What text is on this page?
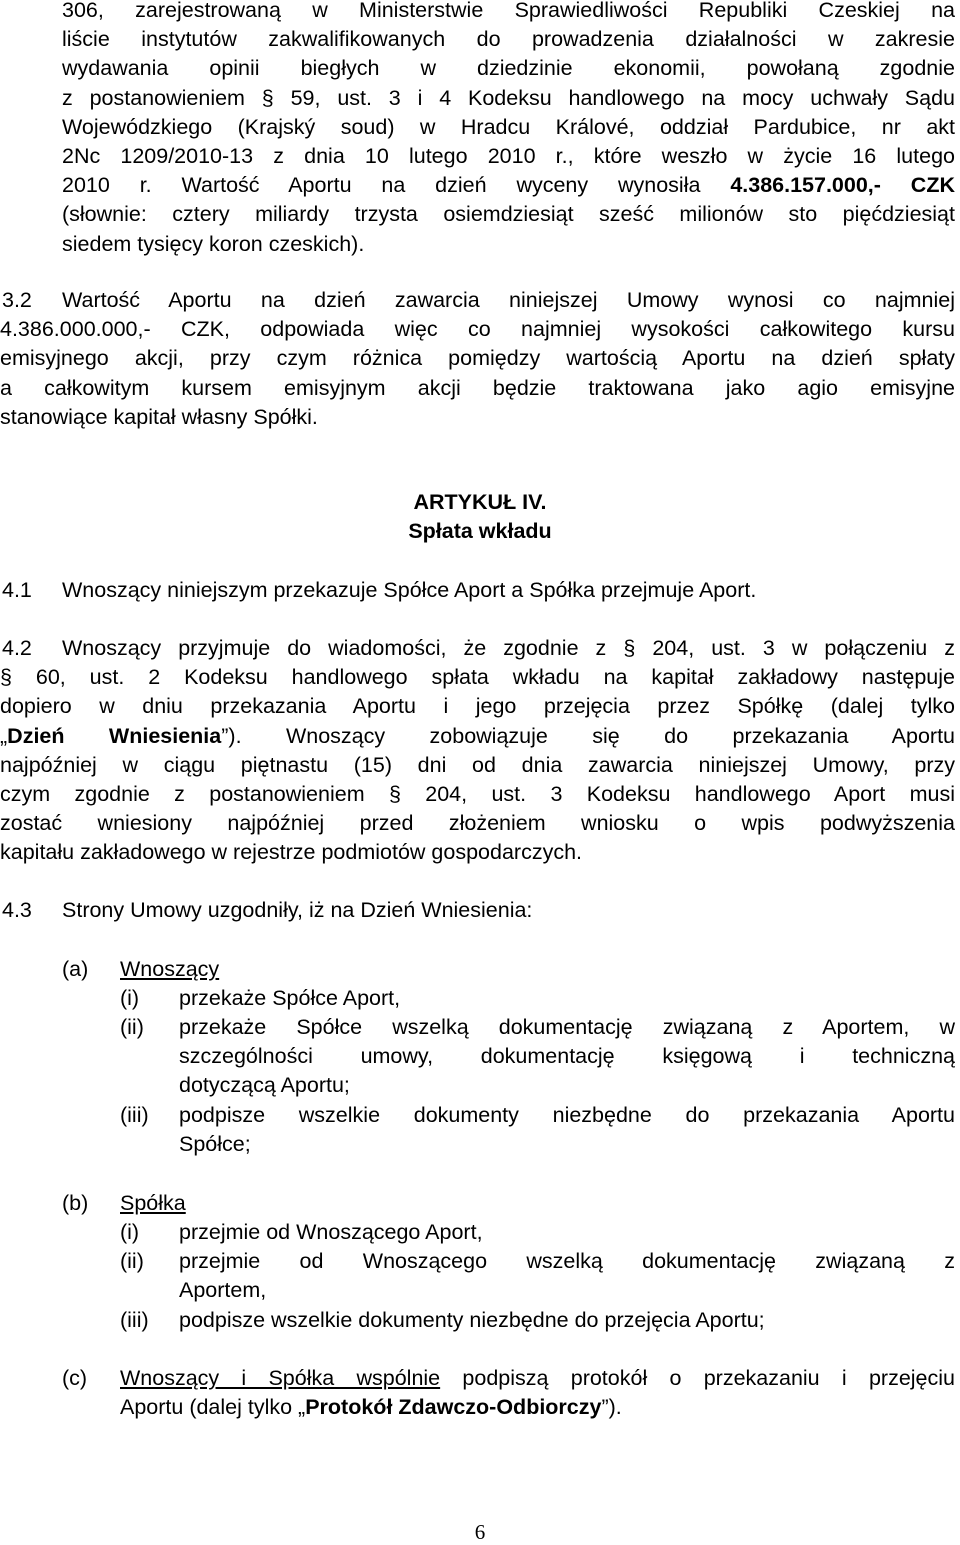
306, zarejestrowaną w Ministerstwie Sprawiedliwości Republiki Czeskiej na
liście instytutów zakwalifikowanych do prowadzenia działalności w zakresie
wydawania opinii biegłych w dziedzinie ekonomii, powołaną zgodnie
z postanowieniem § 59, ust. 3 i 4 Kodeksu handlowego na mocy uchwały Sądu
Wojewódzkiego (Krajský soud) w Hradcu Králové, oddział Pardubice, nr akt
2Nc 1209/2010-13 z dnia 10 lutego 2010 r., które weszło w życie 16 lutego
2010 r. Wartość Aportu na dzień wyceny wynosiła 4.386.157.000,- CZK
(słownie: cztery miliardy trzysta osiemdziesiąt sześć milionów sto pięćdziesiąt
siedem tysięcy koron czeskich).
3.2 Wartość Aportu na dzień zawarcia niniejszej Umowy wynosi co najmniej
4.386.000.000,- CZK, odpowiada więc co najmniej wysokości całkowitego kursu
emisyjnego akcji, przy czym różnica pomiędzy wartością Aportu na dzień spłaty
a całkowitym kursem emisyjnym akcji będzie traktowana jako agio emisyjne
stanowiące kapitał własny Spółki.
ARTYKUŁ IV.
Spłata wkładu
4.1 Wnoszący niniejszym przekazuje Spółce Aport a Spółka przejmuje Aport.
4.2 Wnoszący przyjmuje do wiadomości, że zgodnie z § 204, ust. 3 w połączeniu z
§ 60, ust. 2 Kodeksu handlowego spłata wkładu na kapitał zakładowy następuje
dopiero w dniu przekazania Aportu i jego przejęcia przez Spółkę (dalej tylko
„Dzień Wniesienia”). Wnoszący zobowiązuje się do przekazania Aportu
najpóźniej w ciągu piętnastu (15) dni od dnia zawarcia niniejszej Umowy, przy
czym zgodnie z postanowieniem § 204, ust. 3 Kodeksu handlowego Aport musi
zostać wniesiony najpóźniej przed złożeniem wniosku o wpis podwyższenia
kapitału zakładowego w rejestrze podmiotów gospodarczych.
4.3 Strony Umowy uzgodniły, iż na Dzień Wniesienia:
(a) Wnoszący
(i) przekaże Spółce Aport,
(ii) przekaże Spółce wszelką dokumentację związaną z Aportem, w
szczególności umowy, dokumentację księgową i techniczną
dotyczącą Aportu;
(iii) podpisze wszelkie dokumenty niezbędne do przekazania Aportu
Spółce;
(b) Spółka
(i) przejmie od Wnoszącego Aport,
(ii) przejmie od Wnoszącego wszelką dokumentację związaną z
Aportem,
(iii) podpisze wszelkie dokumenty niezbędne do przejęcia Aportu;
(c) Wnoszący i Spółka wspólnie podpiszą protokół o przekazaniu i przejęciu
Aportu (dalej tylko „Protokół Zdawczo-Odbiorczy”).
6
